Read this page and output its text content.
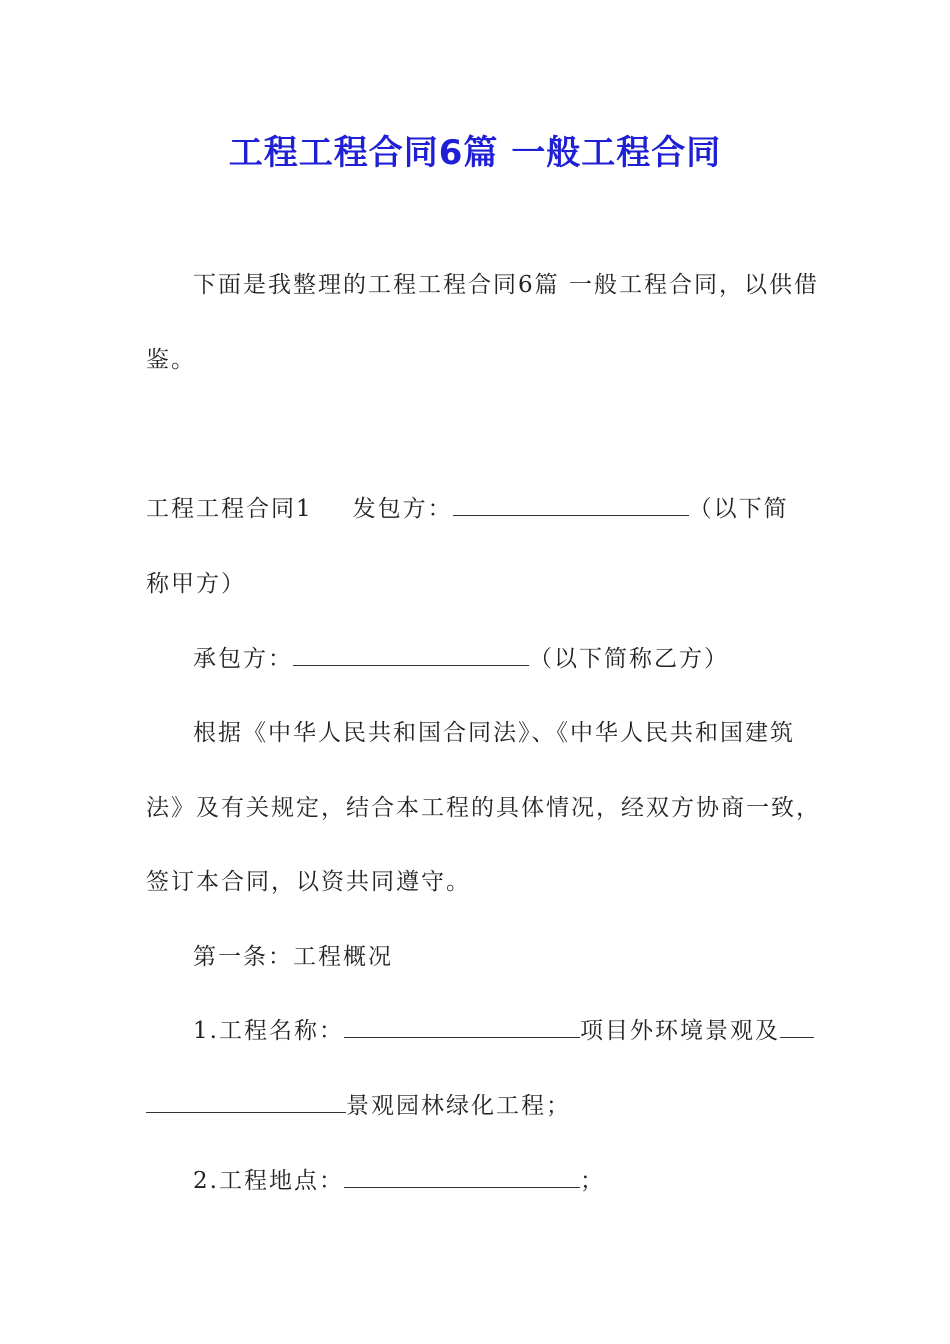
工程工程合同6篇 一般工程合同
下面是我整理的工程工程合同6篇 一般工程合同，以供借
鉴。
工程工程合同1 发包方：	（以下简
称甲方）
承包方：	（以下简称乙方）
根据《中华人民共和国合同法》、《中华人民共和国建筑
法》及有关规定，结合本工程的具体情况，经双方协商一致，
签订本合同，以资共同遵守。
第一条：工程概况
1.工程名称：	项目外环境景观及
景观园林绿化工程；
2.工程地点：	；
